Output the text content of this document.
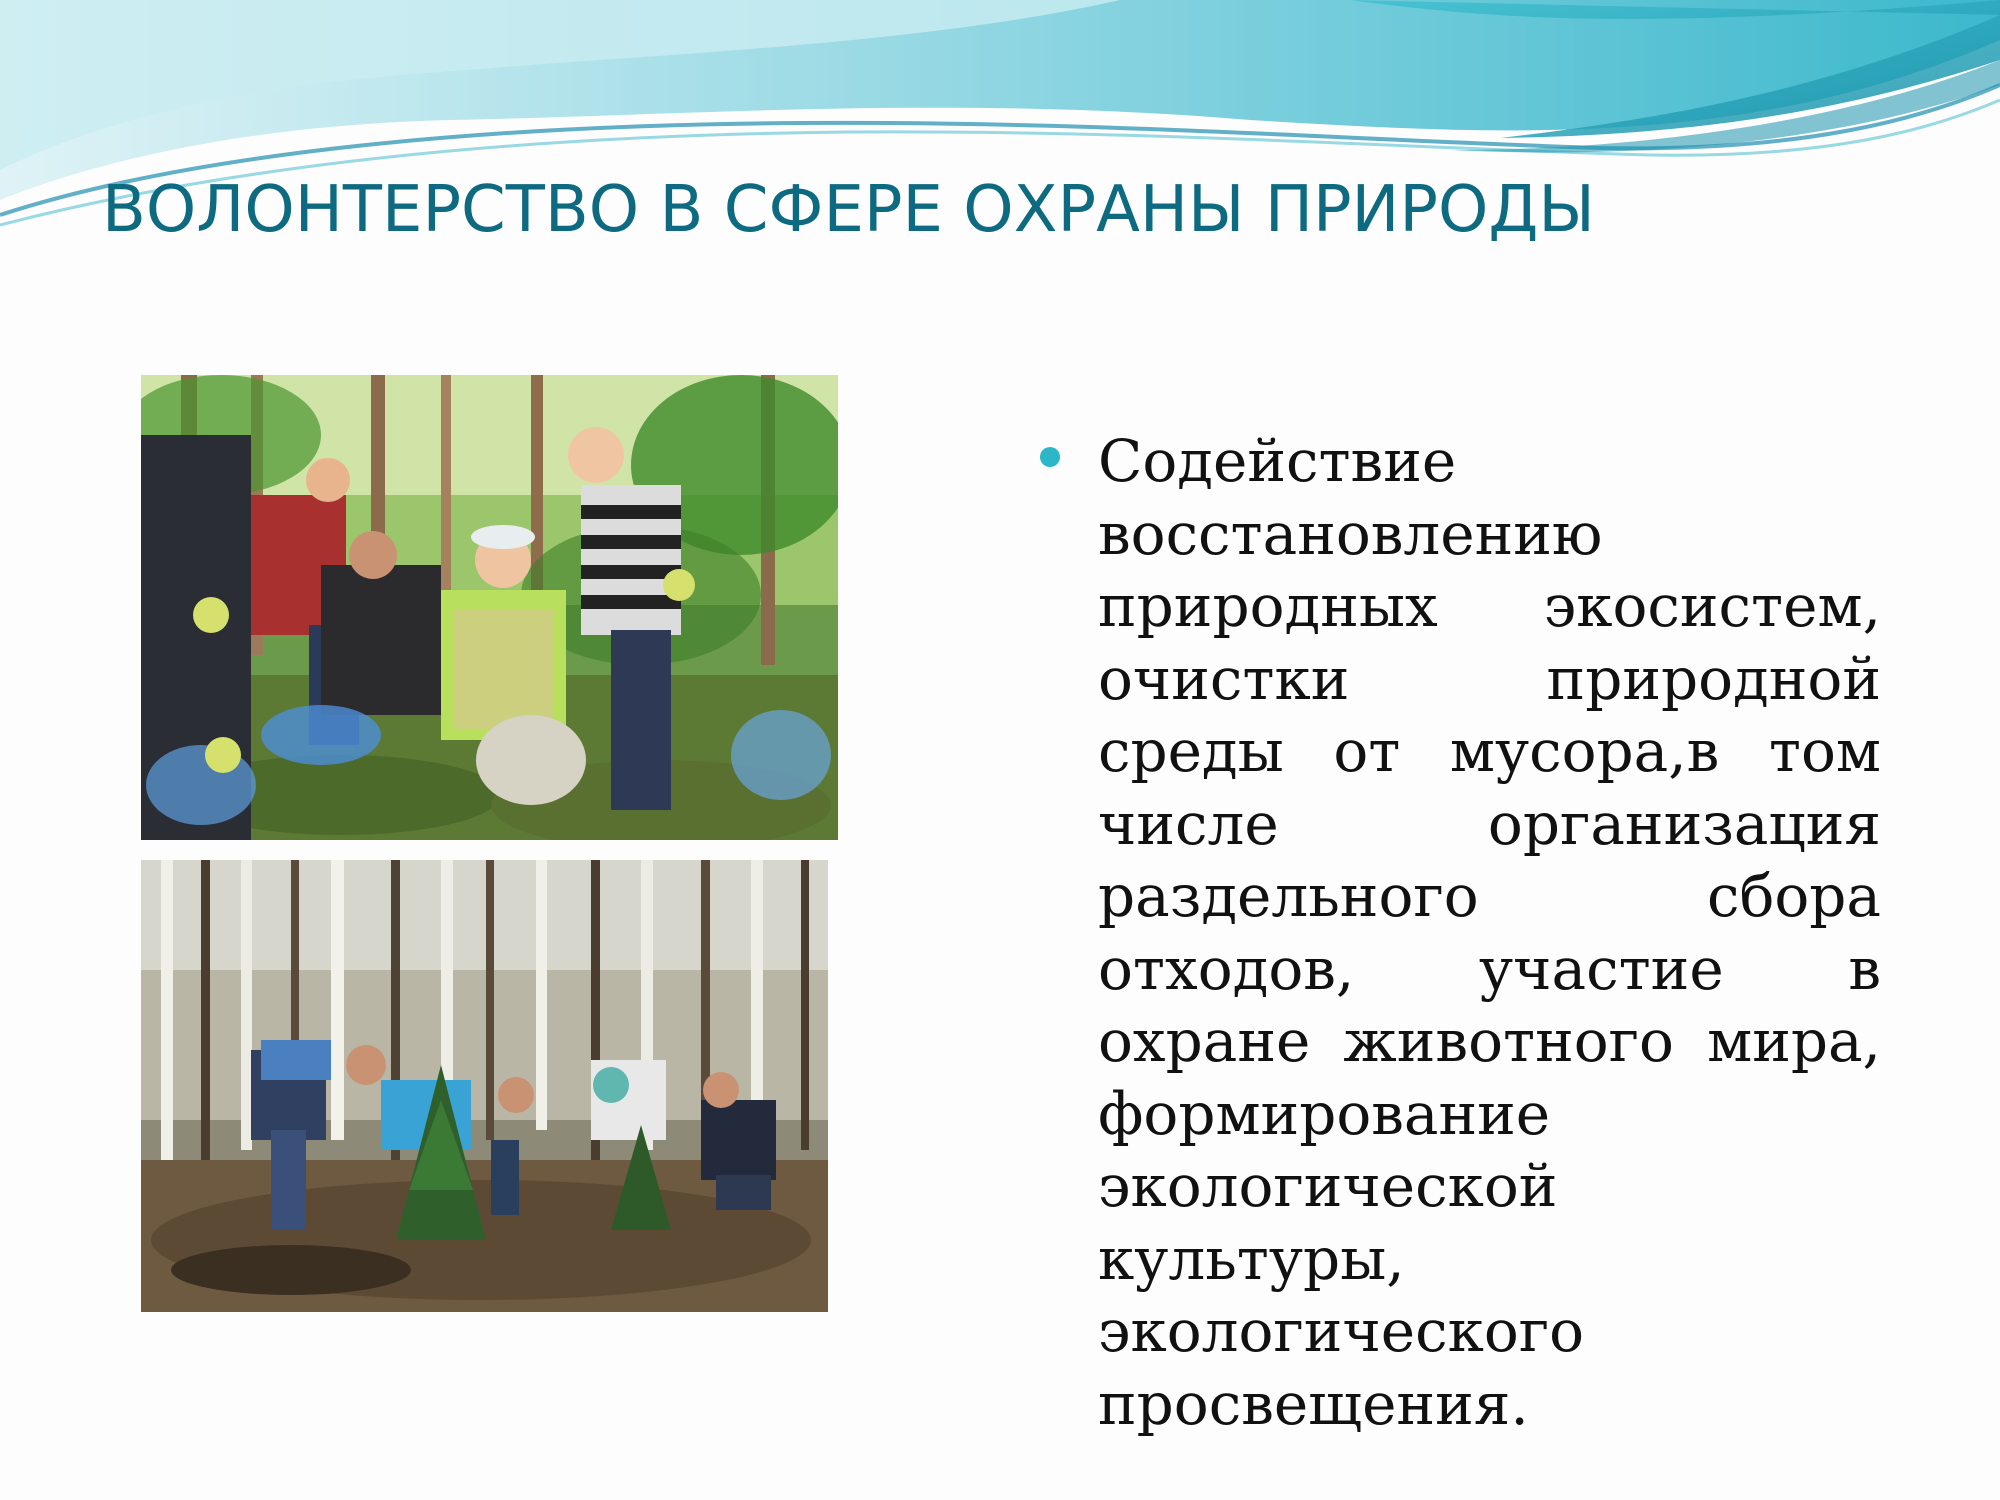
ВОЛОНТЕРСТВО В СФЕРЕ ОХРАНЫ ПРИРОДЫ

Содействие восстановлению природных экосистем, очистки природной среды от мусора,в том числе организация раздельного сбора отходов, участие в охране животного мира, формирование экологической культуры, экологического просвещения.
